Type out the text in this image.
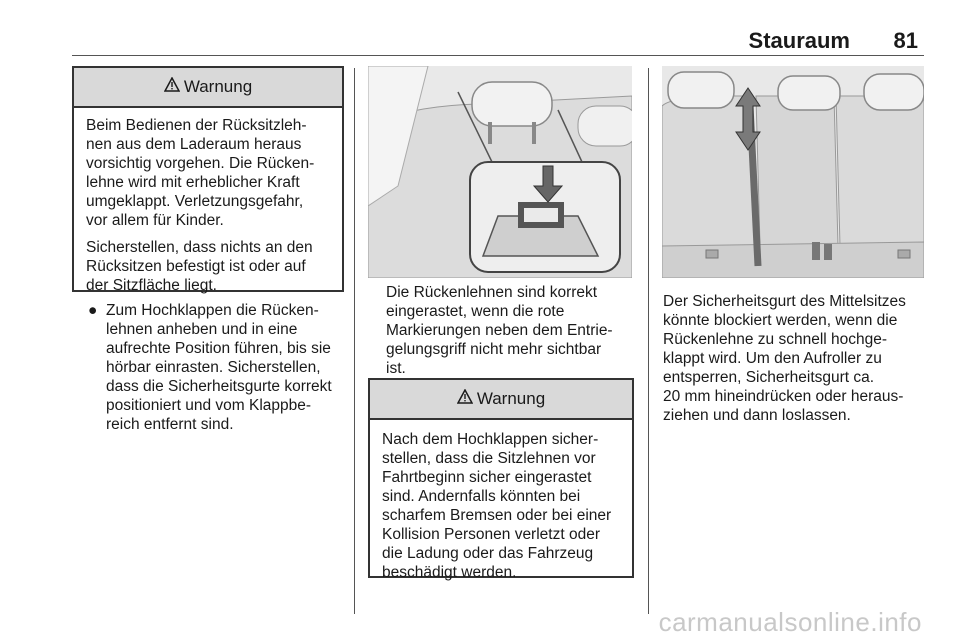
Stauraum 81
Warnung

Beim Bedienen der Rücksitzleh-
nen aus dem Laderaum heraus
vorsichtig vorgehen. Die Rücken-
lehne wird mit erheblicher Kraft
umgeklappt. Verletzungsgefahr,
vor allem für Kinder.

Sicherstellen, dass nichts an den
Rücksitzen befestigt ist oder auf
der Sitzfläche liegt.

● Zum Hochklappen die Rücken-
lehnen anheben und in eine
aufrechte Position führen, bis sie
hörbar einrasten. Sicherstellen,
dass die Sicherheitsgurte korrekt
positioniert und vom Klappbe-
reich entfernt sind.
Die Rückenlehnen sind korrekt
eingerastet, wenn die rote
Markierungen neben dem Entrie-
gelungsgriff nicht mehr sichtbar
ist.
Warnung
Nach dem Hochklappen sicher-
stellen, dass die Sitzlehnen vor
Fahrtbeginn sicher eingerastet
sind. Andernfalls könnten bei
scharfem Bremsen oder bei einer
Kollision Personen verletzt oder
die Ladung oder das Fahrzeug
beschädigt werden.
Der Sicherheitsgurt des Mittelsitzes
könnte blockiert werden, wenn die
Rückenlehne zu schnell hochge-
klappt wird. Um den Aufroller zu
entsperren, Sicherheitsgurt ca.
20 mm hineindrücken oder heraus-
ziehen und dann loslassen.
carmanualsonline.info
